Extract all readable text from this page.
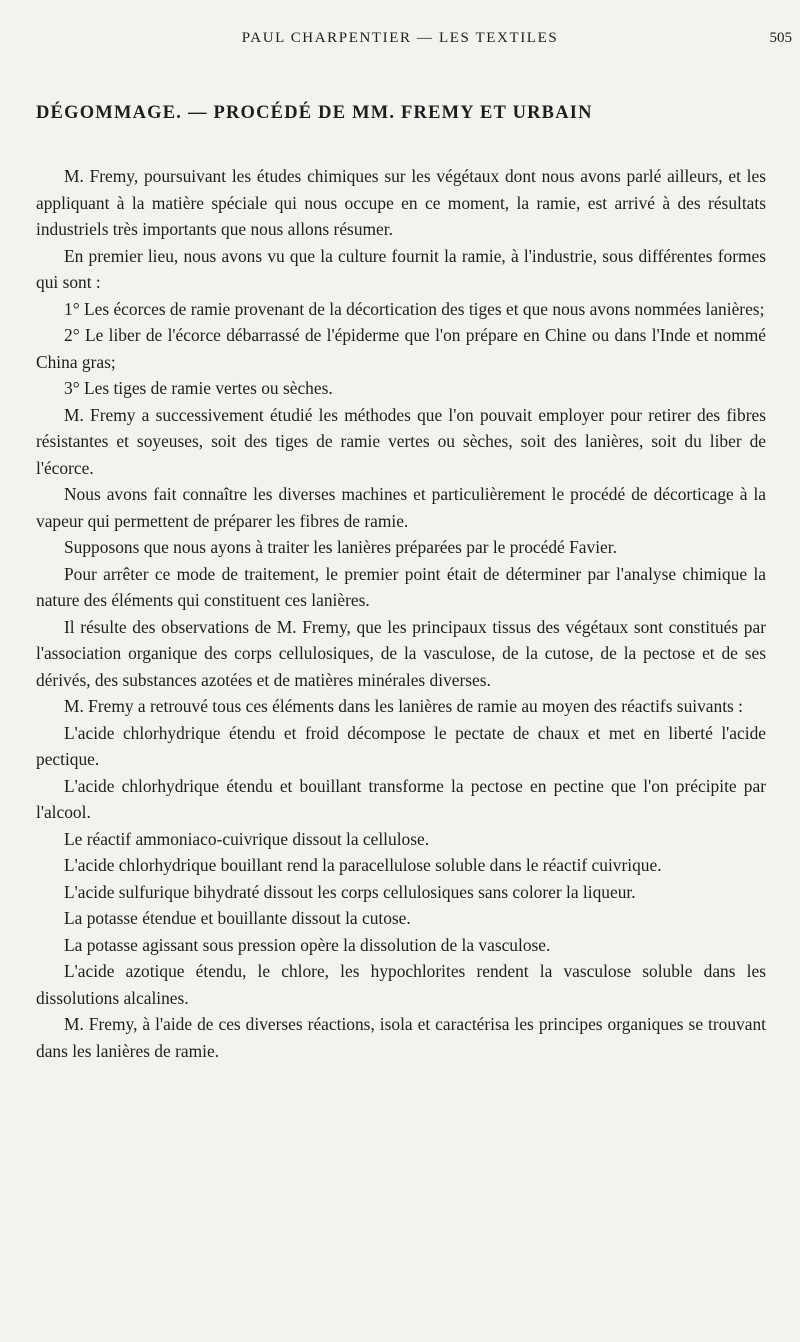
PAUL CHARPENTIER — LES TEXTILES	505
DÉGOMMAGE. — PROCÉDÉ DE MM. FREMY ET URBAIN

M. Fremy, poursuivant les études chimiques sur les végétaux dont nous avons parlé ailleurs, et les appliquant à la matière spéciale qui nous occupe en ce moment, la ramie, est arrivé à des résultats industriels très importants que nous allons résumer.

En premier lieu, nous avons vu que la culture fournit la ramie, à l'industrie, sous différentes formes qui sont :

1° Les écorces de ramie provenant de la décortication des tiges et que nous avons nommées lanières;

2° Le liber de l'écorce débarrassé de l'épiderme que l'on prépare en Chine ou dans l'Inde et nommé China gras;

3° Les tiges de ramie vertes ou sèches.

M. Fremy a successivement étudié les méthodes que l'on pouvait employer pour retirer des fibres résistantes et soyeuses, soit des tiges de ramie vertes ou sèches, soit des lanières, soit du liber de l'écorce.

Nous avons fait connaître les diverses machines et particulièrement le procédé de décorticage à la vapeur qui permettent de préparer les fibres de ramie.

Supposons que nous ayons à traiter les lanières préparées par le procédé Favier.

Pour arrêter ce mode de traitement, le premier point était de déterminer par l'analyse chimique la nature des éléments qui constituent ces lanières.

Il résulte des observations de M. Fremy, que les principaux tissus des végétaux sont constitués par l'association organique des corps cellulosiques, de la vasculose, de la cutose, de la pectose et de ses dérivés, des substances azotées et de matières minérales diverses.

M. Fremy a retrouvé tous ces éléments dans les lanières de ramie au moyen des réactifs suivants :

L'acide chlorhydrique étendu et froid décompose le pectate de chaux et met en liberté l'acide pectique.

L'acide chlorhydrique étendu et bouillant transforme la pectose en pectine que l'on précipite par l'alcool.

Le réactif ammoniaco-cuivrique dissout la cellulose.

L'acide chlorhydrique bouillant rend la paracellulose soluble dans le réactif cuivrique.

L'acide sulfurique bihydraté dissout les corps cellulosiques sans colorer la liqueur.

La potasse étendue et bouillante dissout la cutose.

La potasse agissant sous pression opère la dissolution de la vasculose.

L'acide azotique étendu, le chlore, les hypochlorites rendent la vasculose soluble dans les dissolutions alcalines.

M. Fremy, à l'aide de ces diverses réactions, isola et caractérisa les principes organiques se trouvant dans les lanières de ramie.
